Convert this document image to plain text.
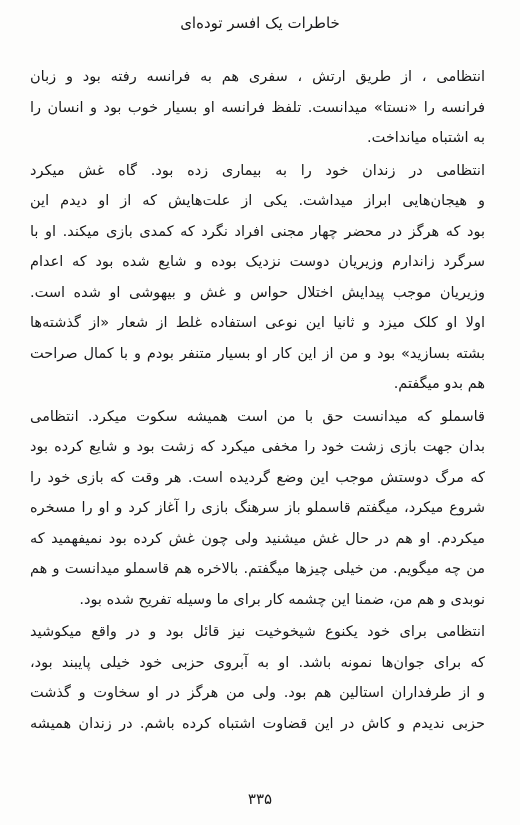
خاطرات یک افسر توده‌ای
انتظامی ، از طریق ارتش ، سفری هم به فرانسه رفته بود و زبان
فرانسه را «نستا» میدانست. تلفظ فرانسه او بسیار خوب بود و انسان را
به اشتباه میانداخت.
انتظامی در زندان خود را به بیماری زده بود. گاه غش میکرد
و هیجان‌هایی ابراز میداشت. یکی از علت‌هایش که از او دیدم این
بود که هرگز در محضر چهار مجنی افراد نگرد که کمدی بازی میکند. او با
سرگرد زاندارم وزیریان دوست نزدیک بوده و شایع شده بود که اعدام
وزیریان موجب پیدایش اختلال حواس و غش و بیهوشی او شده است.
اولا او کلک میزد و ثانیا این نوعی استفاده غلط از شعار «از گذشته‌ها
بشته بسازید» بود و من از این کار او بسیار متنفر بودم و با کمال صراحت
هم بدو میگفتم.
قاسملو که میدانست حق با من است همیشه سکوت میکرد. انتظامی
بدان جهت بازی زشت خود را مخفی میکرد که زشت بود و شایع کرده بود
که مرگ دوستش موجب این وضع گردیده است. هر وقت که بازی خود را
شروع میکرد، میگفتم قاسملو باز سرهنگ بازی را آغاز کرد و او را مسخره
میکردم. او هم در حال غش میشنید ولی چون غش کرده بود نمیفهمید که
من چه میگویم. من خیلی چیزها میگفتم. بالاخره هم قاسملو میدانست و هم
نوبدی و هم من، ضمنا این چشمه کار برای ما وسیله تفریح شده بود.
انتظامی برای خود یکنوع شیخوخیت نیز قائل بود و در واقع میکوشید
که برای جوان‌ها نمونه باشد. او به آبروی حزبی خود خیلی پایبند بود،
و از طرفداران استالین هم بود. ولی من هرگز در او سخاوت و گذشت
حزبی ندیدم و کاش در این قضاوت اشتباه کرده باشم. در زندان همیشه
۳۳۵
